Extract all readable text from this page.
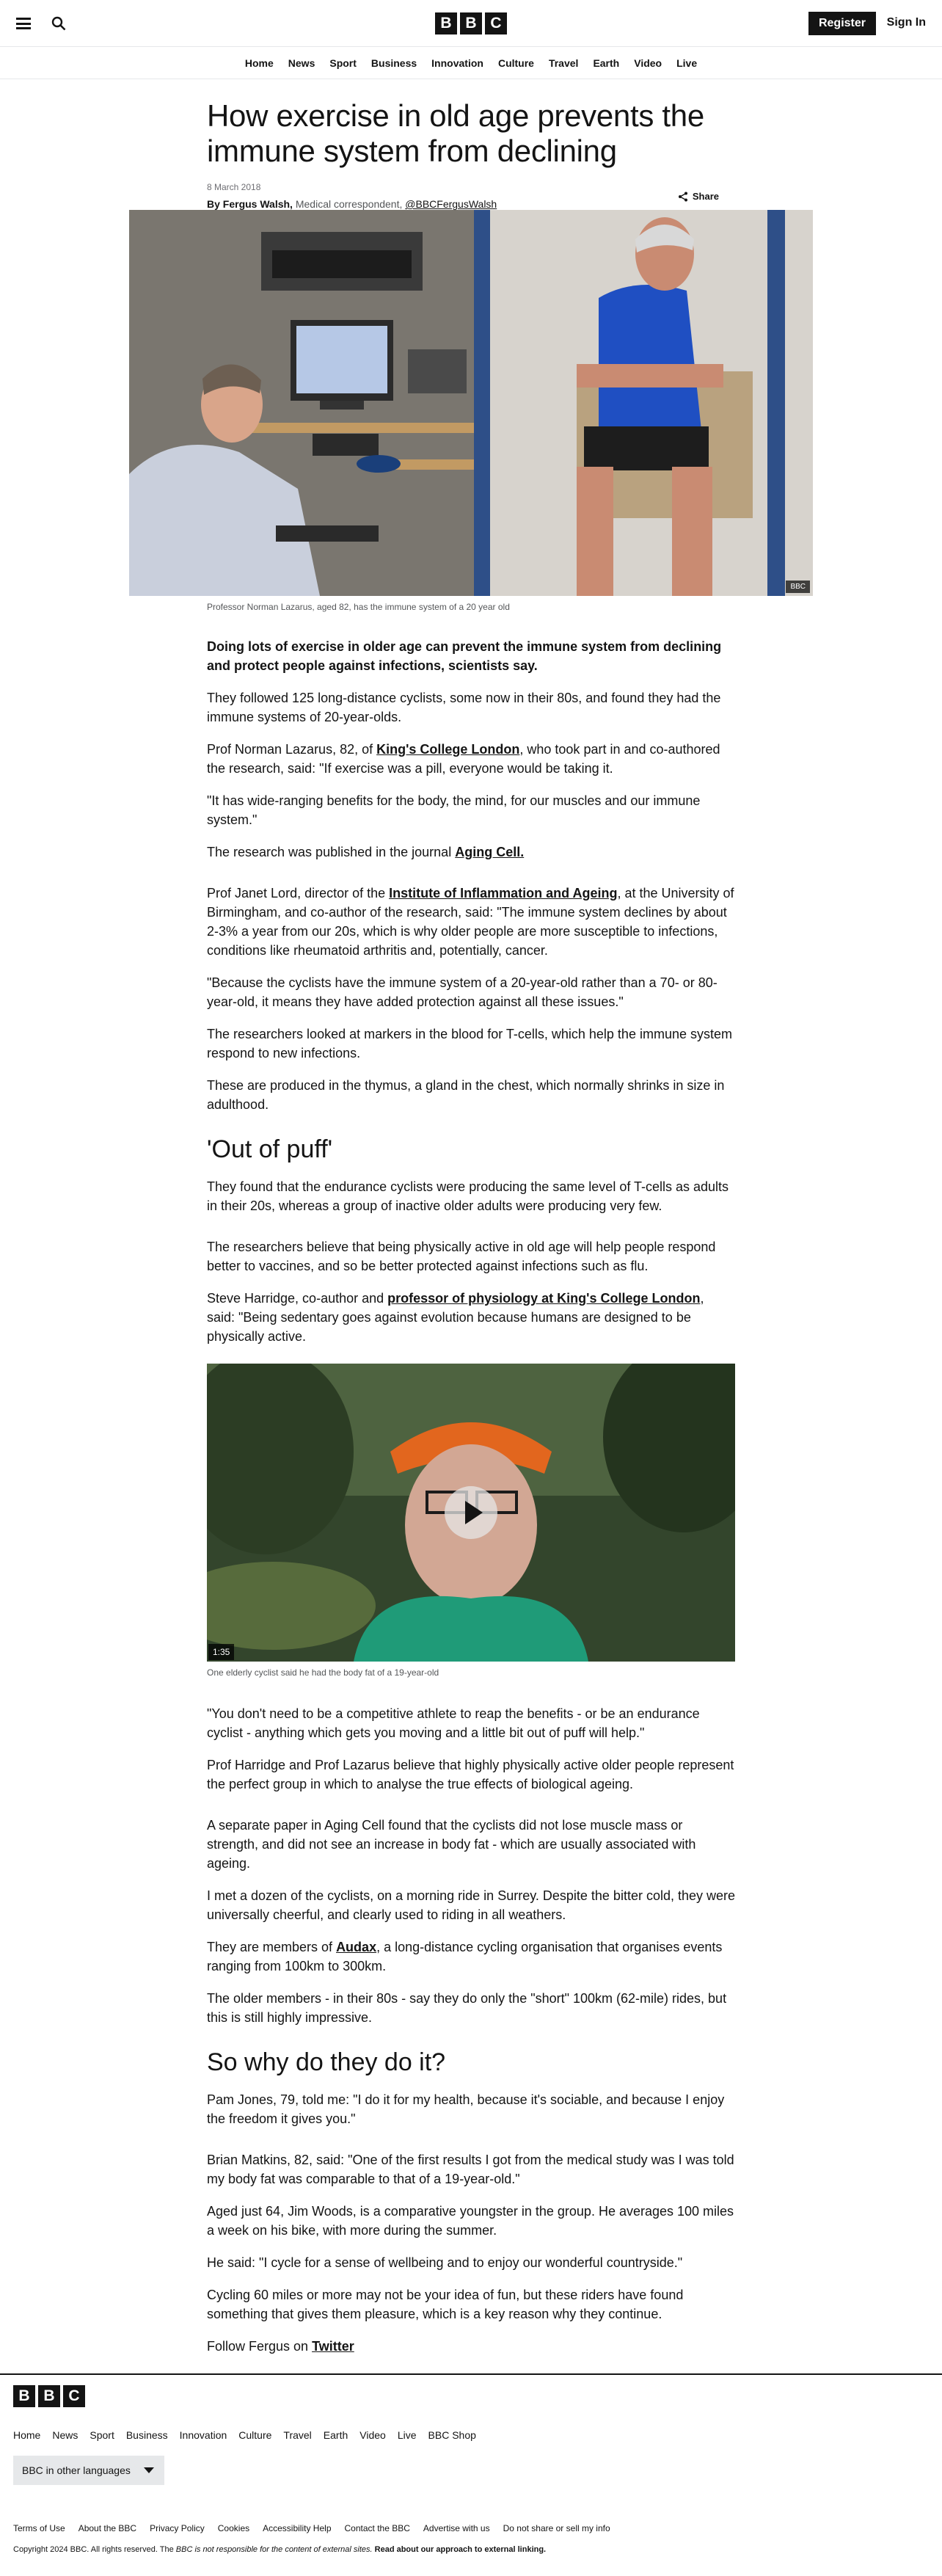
B B C	Register	Sign In
Home News Sport Business Innovation Culture Travel Earth Video Live
How exercise in old age prevents the immune system from declining
8 March 2018
By Fergus Walsh, Medical correspondent, @BBCFergusWalsh
Share
BBC
Professor Norman Lazarus, aged 82, has the immune system of a 20 year old

Doing lots of exercise in older age can prevent the immune system from declining and protect people against infections, scientists say.

They followed 125 long-distance cyclists, some now in their 80s, and found they had the immune systems of 20-year-olds.

Prof Norman Lazarus, 82, of King's College London, who took part in and co-authored the research, said: "If exercise was a pill, everyone would be taking it.

"It has wide-ranging benefits for the body, the mind, for our muscles and our immune system."

The research was published in the journal Aging Cell.

Prof Janet Lord, director of the Institute of Inflammation and Ageing, at the University of Birmingham, and co-author of the research, said: "The immune system declines by about 2-3% a year from our 20s, which is why older people are more susceptible to infections, conditions like rheumatoid arthritis and, potentially, cancer.

"Because the cyclists have the immune system of a 20-year-old rather than a 70- or 80-year-old, it means they have added protection against all these issues."

The researchers looked at markers in the blood for T-cells, which help the immune system respond to new infections.

These are produced in the thymus, a gland in the chest, which normally shrinks in size in adulthood.

'Out of puff'

They found that the endurance cyclists were producing the same level of T-cells as adults in their 20s, whereas a group of inactive older adults were producing very few.

The researchers believe that being physically active in old age will help people respond better to vaccines, and so be better protected against infections such as flu.

Steve Harridge, co-author and professor of physiology at King's College London, said: "Being sedentary goes against evolution because humans are designed to be physically active.

1:35
One elderly cyclist said he had the body fat of a 19-year-old

"You don't need to be a competitive athlete to reap the benefits - or be an endurance cyclist - anything which gets you moving and a little bit out of puff will help."

Prof Harridge and Prof Lazarus believe that highly physically active older people represent the perfect group in which to analyse the true effects of biological ageing.

A separate paper in Aging Cell found that the cyclists did not lose muscle mass or strength, and did not see an increase in body fat - which are usually associated with ageing.

I met a dozen of the cyclists, on a morning ride in Surrey. Despite the bitter cold, they were universally cheerful, and clearly used to riding in all weathers.

They are members of Audax, a long-distance cycling organisation that organises events ranging from 100km to 300km.

The older members - in their 80s - say they do only the "short" 100km (62-mile) rides, but this is still highly impressive.

So why do they do it?

Pam Jones, 79, told me: "I do it for my health, because it's sociable, and because I enjoy the freedom it gives you."

Brian Matkins, 82, said: "One of the first results I got from the medical study was I was told my body fat was comparable to that of a 19-year-old."

Aged just 64, Jim Woods, is a comparative youngster in the group. He averages 100 miles a week on his bike, with more during the summer.

He said: "I cycle for a sense of wellbeing and to enjoy our wonderful countryside."

Cycling 60 miles or more may not be your idea of fun, but these riders have found something that gives them pleasure, which is a key reason why they continue.

Follow Fergus on Twitter

B B C
Home News Sport Business Innovation Culture Travel Earth Video Live BBC Shop
BBC in other languages
Terms of Use About the BBC Privacy Policy Cookies Accessibility Help Contact the BBC Advertise with us Do not share or sell my info
Copyright 2024 BBC. All rights reserved. The BBC is not responsible for the content of external sites. Read about our approach to external linking.
